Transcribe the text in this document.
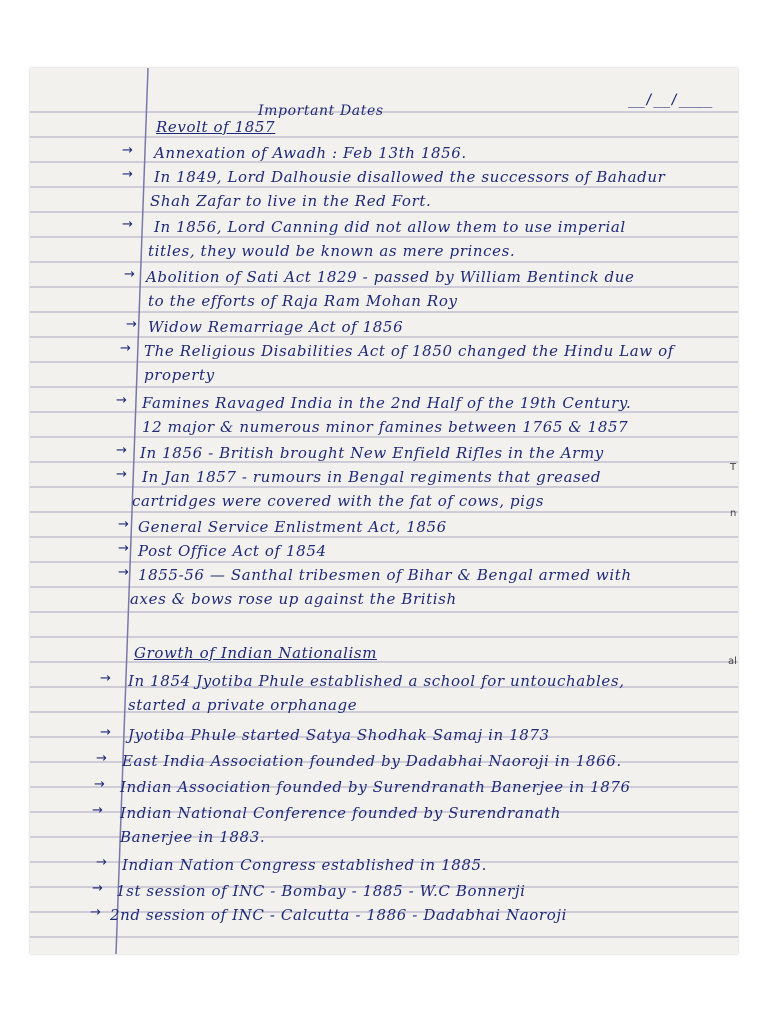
__/__/____
Important Dates
Revolt of 1857
→ Annexation of Awadh : Feb 13th 1856.
→ In 1849, Lord Dalhousie disallowed the successors of Bahadur
Shah Zafar to live in the Red Fort.
→ In 1856, Lord Canning did not allow them to use imperial
titles, they would be known as mere princes.
→ Abolition of Sati Act 1829 - passed by William Bentinck due
to the efforts of Raja Ram Mohan Roy
→ Widow Remarriage Act of 1856
→ The Religious Disabilities Act of 1850 changed the Hindu Law of
property
→ Famines Ravaged India in the 2nd Half of the 19th Century.
12 major & numerous minor famines between 1765 & 1857
→ In 1856 - British brought New Enfield Rifles in the Army
→ In Jan 1857 - rumours in Bengal regiments that greased
cartridges were covered with the fat of cows, pigs
→ General Service Enlistment Act, 1856
→ Post Office Act of 1854
→ 1855-56 — Santhal tribesmen of Bihar & Bengal armed with
axes & bows rose up against the British
Growth of Indian Nationalism
→ In 1854 Jyotiba Phule established a school for untouchables,
started a private orphanage
→ Jyotiba Phule started Satya Shodhak Samaj in 1873
→ East India Association founded by Dadabhai Naoroji in 1866.
→ Indian Association founded by Surendranath Banerjee in 1876
→ Indian National Conference founded by Surendranath
Banerjee in 1883.
→ Indian Nation Congress established in 1885.
→ 1st session of INC - Bombay - 1885 - W.C Bonnerji
→ 2nd session of INC - Calcutta - 1886 - Dadabhai Naoroji
T
n
al
